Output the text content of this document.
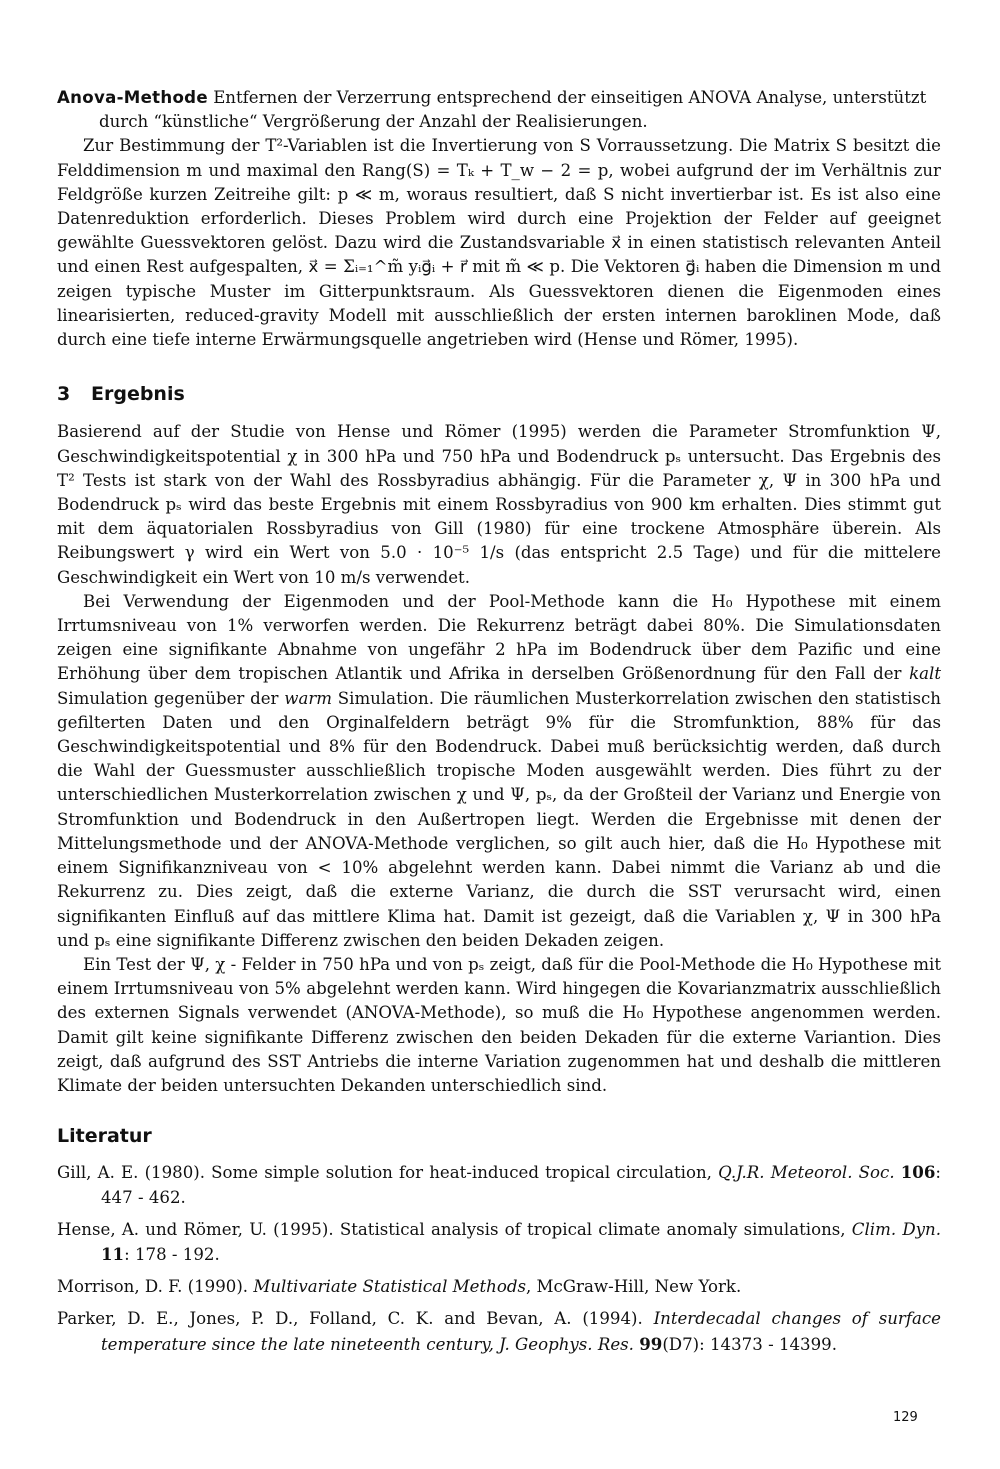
Anova-Methode Entfernen der Verzerrung entsprechend der einseitigen ANOVA Analyse, unterstützt
durch “künstliche“ Vergrößerung der Anzahl der Realisierungen.

Zur Bestimmung der T²-Variablen ist die Invertierung von S Vorraussetzung. Die Matrix S besitzt die Felddimension m und maximal den Rang(S) = Tₖ + T_w − 2 = p, wobei aufgrund der im Verhältnis zur Feldgröße kurzen Zeitreihe gilt: p ≪ m, woraus resultiert, daß S nicht invertierbar ist. Es ist also eine Datenreduktion erforderlich. Dieses Problem wird durch eine Projektion der Felder auf geeignet gewählte Guessvektoren gelöst. Dazu wird die Zustandsvariable x⃗ in einen statistisch relevanten Anteil und einen Rest aufgespalten, x⃗ = Σᵢ₌₁^m̃ yᵢg⃗ᵢ + r⃗ mit m̃ ≪ p. Die Vektoren g⃗ᵢ haben die Dimension m und zeigen typische Muster im Gitterpunktsraum. Als Guessvektoren dienen die Eigenmoden eines linearisierten, reduced-gravity Modell mit ausschließlich der ersten internen baroklinen Mode, daß durch eine tiefe interne Erwärmungsquelle angetrieben wird (Hense und Römer, 1995).

3 Ergebnis

Basierend auf der Studie von Hense und Römer (1995) werden die Parameter Stromfunktion Ψ, Geschwindigkeitspotential χ in 300 hPa und 750 hPa und Bodendruck pₛ untersucht. Das Ergebnis des T² Tests ist stark von der Wahl des Rossbyradius abhängig. Für die Parameter χ, Ψ in 300 hPa und Bodendruck pₛ wird das beste Ergebnis mit einem Rossbyradius von 900 km erhalten. Dies stimmt gut mit dem äquatorialen Rossbyradius von Gill (1980) für eine trockene Atmosphäre überein. Als Reibungswert γ wird ein Wert von 5.0 · 10⁻⁵ 1/s (das entspricht 2.5 Tage) und für die mittelere Geschwindigkeit ein Wert von 10 m/s verwendet.

Bei Verwendung der Eigenmoden und der Pool-Methode kann die H₀ Hypothese mit einem Irrtumsniveau von 1% verworfen werden. Die Rekurrenz beträgt dabei 80%. Die Simulationsdaten zeigen eine signifikante Abnahme von ungefähr 2 hPa im Bodendruck über dem Pazific und eine Erhöhung über dem tropischen Atlantik und Afrika in derselben Größenordnung für den Fall der kalt Simulation gegenüber der warm Simulation. Die räumlichen Musterkorrelation zwischen den statistisch gefilterten Daten und den Orginalfeldern beträgt 9% für die Stromfunktion, 88% für das Geschwindigkeitspotential und 8% für den Bodendruck. Dabei muß berücksichtig werden, daß durch die Wahl der Guessmuster ausschließlich tropische Moden ausgewählt werden. Dies führt zu der unterschiedlichen Musterkorrelation zwischen χ und Ψ, pₛ, da der Großteil der Varianz und Energie von Stromfunktion und Bodendruck in den Außertropen liegt. Werden die Ergebnisse mit denen der Mittelungsmethode und der ANOVA-Methode verglichen, so gilt auch hier, daß die H₀ Hypothese mit einem Signifikanzniveau von < 10% abgelehnt werden kann. Dabei nimmt die Varianz ab und die Rekurrenz zu. Dies zeigt, daß die externe Varianz, die durch die SST verursacht wird, einen signifikanten Einfluß auf das mittlere Klima hat. Damit ist gezeigt, daß die Variablen χ, Ψ in 300 hPa und pₛ eine signifikante Differenz zwischen den beiden Dekaden zeigen.

Ein Test der Ψ, χ - Felder in 750 hPa und von pₛ zeigt, daß für die Pool-Methode die H₀ Hypothese mit einem Irrtumsniveau von 5% abgelehnt werden kann. Wird hingegen die Kovarianzmatrix ausschließlich des externen Signals verwendet (ANOVA-Methode), so muß die H₀ Hypothese angenommen werden. Damit gilt keine signifikante Differenz zwischen den beiden Dekaden für die externe Variantion. Dies zeigt, daß aufgrund des SST Antriebs die interne Variation zugenommen hat und deshalb die mittleren Klimate der beiden untersuchten Dekanden unterschiedlich sind.

Literatur

Gill, A. E. (1980). Some simple solution for heat-induced tropical circulation, Q.J.R. Meteorol. Soc. 106: 447 - 462.

Hense, A. und Römer, U. (1995). Statistical analysis of tropical climate anomaly simulations, Clim. Dyn. 11: 178 - 192.

Morrison, D. F. (1990). Multivariate Statistical Methods, McGraw-Hill, New York.

Parker, D. E., Jones, P. D., Folland, C. K. and Bevan, A. (1994). Interdecadal changes of surface temperature since the late nineteenth century, J. Geophys. Res. 99(D7): 14373 - 14399.

129
